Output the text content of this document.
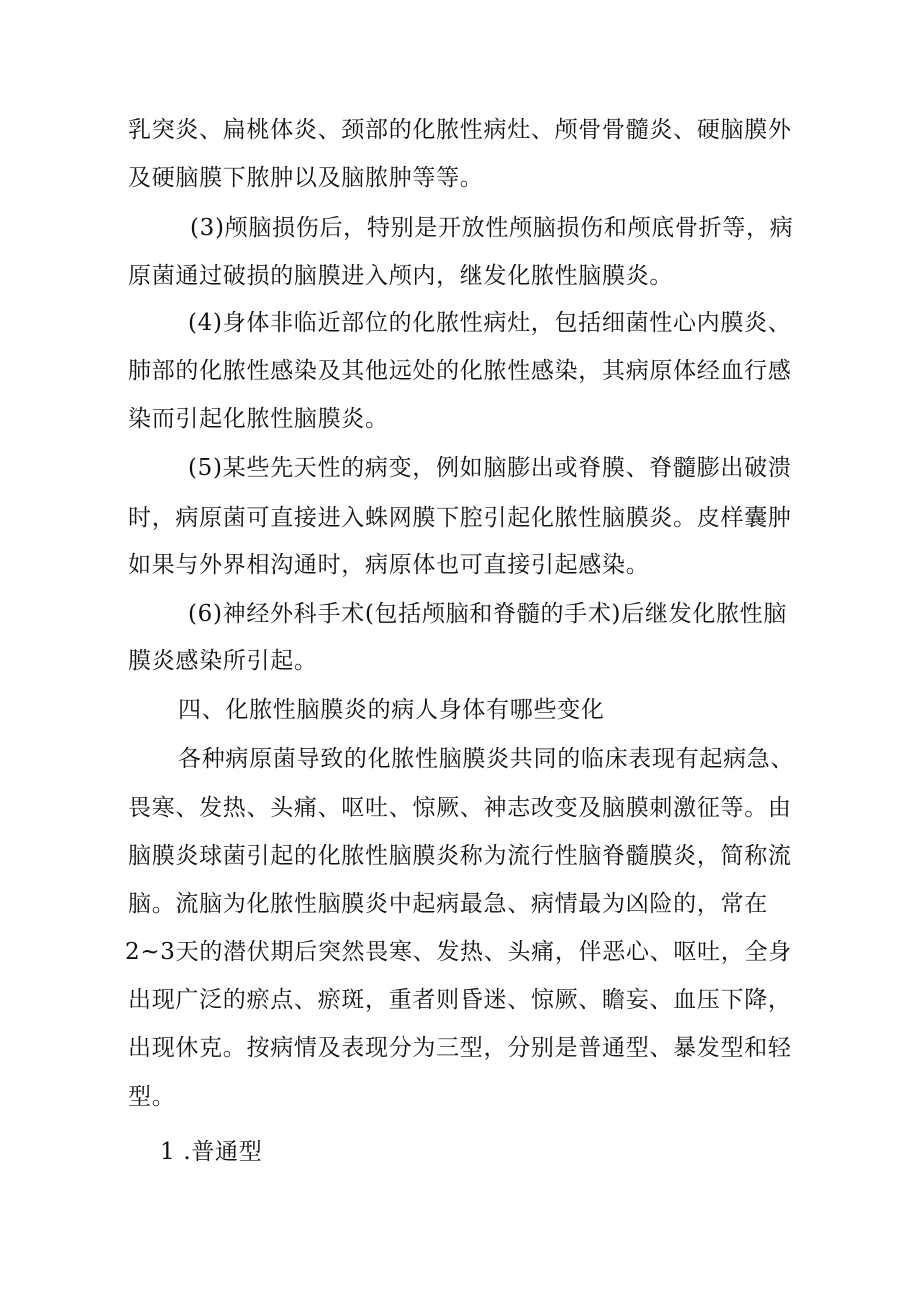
乳突炎、扁桃体炎、颈部的化脓性病灶、颅骨骨髓炎、硬脑膜外
及硬脑膜下脓肿以及脑脓肿等等。
(3)颅脑损伤后，特别是开放性颅脑损伤和颅底骨折等，病
原菌通过破损的脑膜进入颅内，继发化脓性脑膜炎。
(4)身体非临近部位的化脓性病灶，包括细菌性心内膜炎、
肺部的化脓性感染及其他远处的化脓性感染，其病原体经血行感
染而引起化脓性脑膜炎。
(5)某些先天性的病变，例如脑膨出或脊膜、脊髓膨出破溃
时，病原菌可直接进入蛛网膜下腔引起化脓性脑膜炎。皮样囊肿
如果与外界相沟通时，病原体也可直接引起感染。
(6)神经外科手术(包括颅脑和脊髓的手术)后继发化脓性脑
膜炎感染所引起。
四、化脓性脑膜炎的病人身体有哪些变化
各种病原菌导致的化脓性脑膜炎共同的临床表现有起病急、
畏寒、发热、头痛、呕吐、惊厥、神志改变及脑膜刺激征等。由
脑膜炎球菌引起的化脓性脑膜炎称为流行性脑脊髓膜炎，简称流
脑。流脑为化脓性脑膜炎中起病最急、病情最为凶险的，常在
2~3天的潜伏期后突然畏寒、发热、头痛，伴恶心、呕吐，全身
出现广泛的瘀点、瘀斑，重者则昏迷、惊厥、瞻妄、血压下降，
出现休克。按病情及表现分为三型，分别是普通型、暴发型和轻
型。
1 .普通型
